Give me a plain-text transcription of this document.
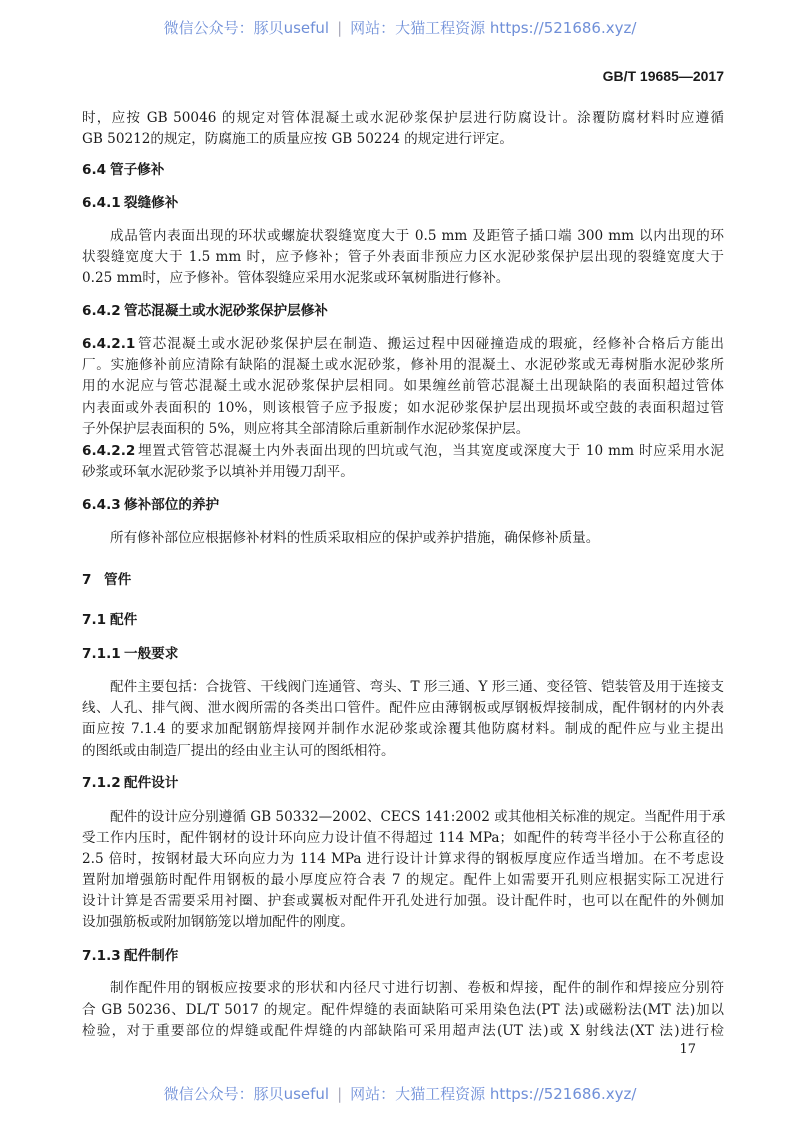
微信公众号：豚贝useful | 网站：大猫工程资源 https://521686.xyz/
GB/T 19685—2017
时，应按 GB 50046 的规定对管体混凝土或水泥砂浆保护层进行防腐设计。涂覆防腐材料时应遵循
GB 50212的规定，防腐施工的质量应按 GB 50224 的规定进行评定。
6.4 管子修补
6.4.1 裂缝修补
成品管内表面出现的环状或螺旋状裂缝宽度大于 0.5 mm 及距管子插口端 300 mm 以内出现的环
状裂缝宽度大于 1.5 mm 时，应予修补；管子外表面非预应力区水泥砂浆保护层出现的裂缝宽度大于
0.25 mm时，应予修补。管体裂缝应采用水泥浆或环氧树脂进行修补。
6.4.2 管芯混凝土或水泥砂浆保护层修补
6.4.2.1 管芯混凝土或水泥砂浆保护层在制造、搬运过程中因碰撞造成的瑕疵，经修补合格后方能出
厂。实施修补前应清除有缺陷的混凝土或水泥砂浆，修补用的混凝土、水泥砂浆或无毒树脂水泥砂浆所
用的水泥应与管芯混凝土或水泥砂浆保护层相同。如果缠丝前管芯混凝土出现缺陷的表面积超过管体
内表面或外表面积的 10%，则该根管子应予报废；如水泥砂浆保护层出现损坏或空鼓的表面积超过管
子外保护层表面积的 5%，则应将其全部清除后重新制作水泥砂浆保护层。
6.4.2.2 埋置式管管芯混凝土内外表面出现的凹坑或气泡，当其宽度或深度大于 10 mm 时应采用水泥
砂浆或环氧水泥砂浆予以填补并用镘刀刮平。
6.4.3 修补部位的养护
所有修补部位应根据修补材料的性质采取相应的保护或养护措施，确保修补质量。
7 管件
7.1 配件
7.1.1 一般要求
配件主要包括：合拢管、干线阀门连通管、弯头、T 形三通、Y 形三通、变径管、铠装管及用于连接支
线、人孔、排气阀、泄水阀所需的各类出口管件。配件应由薄钢板或厚钢板焊接制成，配件钢材的内外表
面应按 7.1.4 的要求加配钢筋焊接网并制作水泥砂浆或涂覆其他防腐材料。制成的配件应与业主提出
的图纸或由制造厂提出的经由业主认可的图纸相符。
7.1.2 配件设计
配件的设计应分别遵循 GB 50332—2002、CECS 141:2002 或其他相关标准的规定。当配件用于承
受工作内压时，配件钢材的设计环向应力设计值不得超过 114 MPa；如配件的转弯半径小于公称直径的
2.5 倍时，按钢材最大环向应力为 114 MPa 进行设计计算求得的钢板厚度应作适当增加。在不考虑设
置附加增强筋时配件用钢板的最小厚度应符合表 7 的规定。配件上如需要开孔则应根据实际工况进行
设计计算是否需要采用衬圈、护套或翼板对配件开孔处进行加强。设计配件时，也可以在配件的外侧加
设加强筋板或附加钢筋笼以增加配件的刚度。
7.1.3 配件制作
制作配件用的钢板应按要求的形状和内径尺寸进行切割、卷板和焊接，配件的制作和焊接应分别符
合 GB 50236、DL/T 5017 的规定。配件焊缝的表面缺陷可采用染色法(PT 法)或磁粉法(MT 法)加以
检验，对于重要部位的焊缝或配件焊缝的内部缺陷可采用超声法(UT 法)或 X 射线法(XT 法)进行检
17
微信公众号：豚贝useful | 网站：大猫工程资源 https://521686.xyz/
